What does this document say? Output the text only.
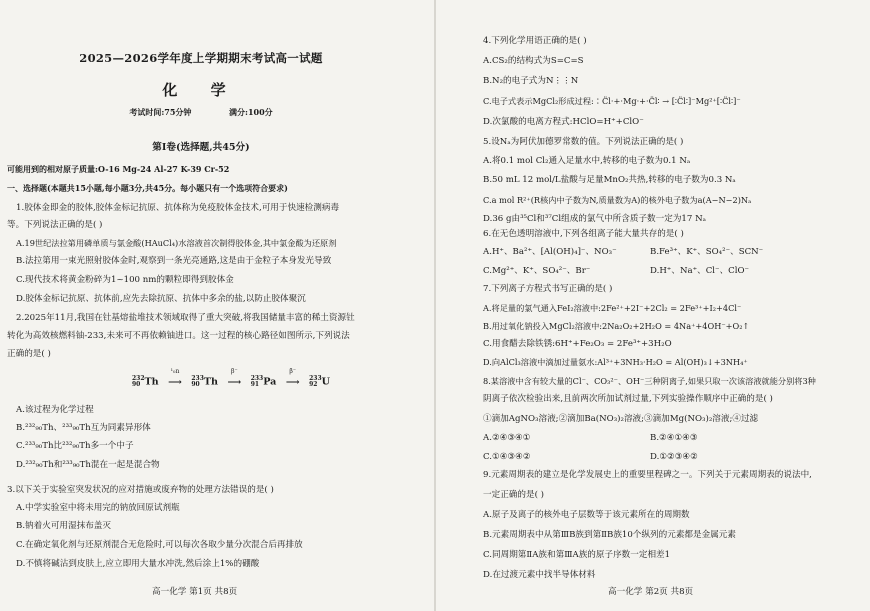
2025—2026学年度上学期期末考试高一试题
化 学
考试时间:75分钟	满分:100分
第Ⅰ卷(选择题,共45分)
可能用到的相对原子质量:O-16 Mg-24 Al-27 K-39 Cr-52
一、选择题(本题共15小题,每小题3分,共45分。每小题只有一个选项符合要求)
1.胶体金即金的胶体,胶体金标记抗原、抗体称为免疫胶体金技术,可用于快速检测病毒
等。下列说法正确的是( )
A.19世纪法拉第用磷单质与氯金酸(HAuCl₄)水溶液首次制得胶体金,其中氯金酸为还原剂
B.法拉第用一束光照射胶体金时,观察到一条光亮通路,这是由于金粒子本身发光导致
C.现代技术将黄金粉碎为1~100 nm的颗粒即得到胶体金
D.胶体金标记抗原、抗体前,应先去除抗原、抗体中多余的盐,以防止胶体聚沉
2.2025年11月,我国在钍基熔盐堆技术领域取得了重大突破,将我国储量丰富的稀土资源钍
转化为高效核燃料铀-233,未来可不再依赖铀进口。这一过程的核心路径如图所示,下列说法
正确的是( )
232
90 Th
¹₀n
⟶ 233
90 Th
β⁻
⟶ 233
91 Pa
β⁻
⟶ 233
92 U
A.该过程为化学过程
B.²³²₉₀Th、²³³₉₀Th互为同素异形体
C.²³³₉₀Th比²³²₉₀Th多一个中子
D.²³²₉₀Th和²³³₉₀Th混在一起是混合物
3.以下关于实验室突发状况的应对措施或废弃物的处理方法错误的是( )
A.中学实验室中将未用完的钠放回原试剂瓶
B.钠着火可用湿抹布盖灭
C.在确定氧化剂与还原剂混合无危险时,可以每次各取少量分次混合后再排放
D.不慎将碱沾到皮肤上,应立即用大量水冲洗,然后涂上1%的硼酸
高一化学 第1页 共8页
4.下列化学用语正确的是( )
A.CS₂的结构式为S=C=S
B.N₂的电子式为N⋮⋮N
C.电子式表示MgCl₂形成过程:∶C̈l·+·Mg·+·C̈l∶ → [∶C̈l∶]⁻Mg²⁺[∶C̈l∶]⁻
D.次氯酸的电离方程式:HClO=H⁺+ClO⁻
5.设Nₐ为阿伏加德罗常数的值。下列说法正确的是( )
A.将0.1 mol Cl₂通入足量水中,转移的电子数为0.1 Nₐ
B.50 mL 12 mol/L盐酸与足量MnO₂共热,转移的电子数为0.3 Nₐ
C.a mol R²⁺(R核内中子数为N,质量数为A)的核外电子数为a(A−N−2)Nₐ
D.36 g由³⁵Cl和³⁷Cl组成的氯气中所含质子数一定为17 Nₐ
6.在无色透明溶液中,下列各组离子能大量共存的是( )
A.H⁺、Ba²⁺、[Al(OH)₄]⁻、NO₃⁻	B.Fe³⁺、K⁺、SO₄²⁻、SCN⁻
C.Mg²⁺、K⁺、SO₄²⁻、Br⁻	D.H⁺、Na⁺、Cl⁻、ClO⁻
7.下列离子方程式书写正确的是( )
A.将足量的氯气通入FeI₂溶液中:2Fe²⁺+2I⁻+2Cl₂ = 2Fe³⁺+I₂+4Cl⁻
B.用过氧化钠投入MgCl₂溶液中:2Na₂O₂+2H₂O = 4Na⁺+4OH⁻+O₂↑
C.用食醋去除铁锈:6H⁺+Fe₂O₃ = 2Fe³⁺+3H₂O
D.向AlCl₃溶液中滴加过量氨水:Al³⁺+3NH₃·H₂O = Al(OH)₃↓+3NH₄⁺
8.某溶液中含有较大量的Cl⁻、CO₃²⁻、OH⁻三种阴离子,如果只取一次该溶液就能分别将3种
阴离子依次检验出来,且前两次所加试剂过量,下列实验操作顺序中正确的是( )
①滴加AgNO₃溶液;②滴加Ba(NO₃)₂溶液;③滴加Mg(NO₃)₂溶液;④过滤
A.②④③④①	B.②④①④③
C.①④③④②	D.①②③④②
9.元素周期表的建立是化学发展史上的重要里程碑之一。下列关于元素周期表的说法中,
一定正确的是( )
A.原子及离子的核外电子层数等于该元素所在的周期数
B.元素周期表中从第ⅢB族到第ⅡB族10个纵列的元素都是金属元素
C.同周期第ⅡA族和第ⅢA族的原子序数一定相差1
D.在过渡元素中找半导体材料
高一化学 第2页 共8页
